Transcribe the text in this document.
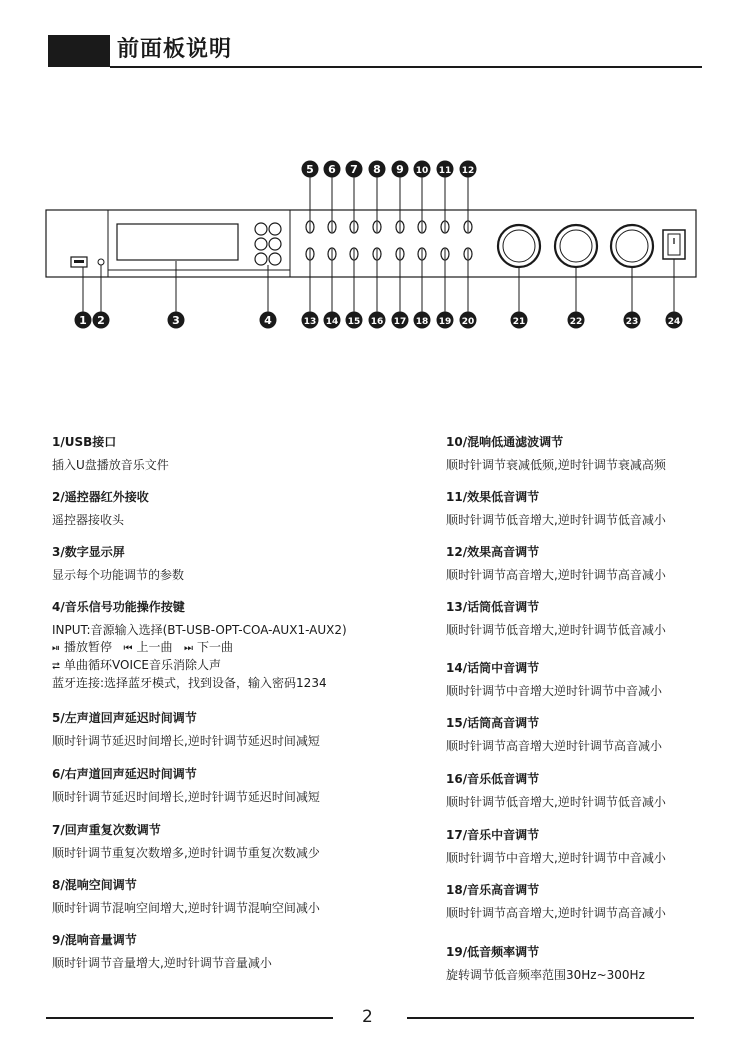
前面板说明
5 6 7 8 9 10 11 12
1 2	3	4	13 14 15 16 17 18 19 20	21	22	23	24
1/USB接口
插入U盘播放音乐文件
2/遥控器红外接收
遥控器接收头
3/数字显示屏
显示每个功能调节的参数
5/左声道回声延迟时间调节
顺时针调节延迟时间增长,逆时针调节延迟时间减短
6/右声道回声延迟时间调节
顺时针调节延迟时间增长,逆时针调节延迟时间减短
7/回声重复次数调节
顺时针调节重复次数增多,逆时针调节重复次数减少
8/混响空间调节
顺时针调节混响空间增大,逆时针调节混响空间减小
9/混响音量调节
顺时针调节音量增大,逆时针调节音量减小
10/混响低通滤波调节
顺时针调节衰减低频,逆时针调节衰减高频
11/效果低音调节
顺时针调节低音增大,逆时针调节低音减小
12/效果高音调节
顺时针调节高音增大,逆时针调节高音减小
13/话筒低音调节
顺时针调节低音增大,逆时针调节低音减小
14/话筒中音调节
顺时针调节中音增大逆时针调节中音减小
15/话筒高音调节
顺时针调节高音增大逆时针调节高音减小
16/音乐低音调节
顺时针调节低音增大,逆时针调节低音减小
17/音乐中音调节
顺时针调节中音增大,逆时针调节中音减小
18/音乐高音调节
顺时针调节高音增大,逆时针调节高音减小
19/低音频率调节
旋转调节低音频率范围30Hz~300Hz
4/音乐信号功能操作按键
INPUT:音源输入选择(BT-USB-OPT-COA-AUX1-AUX2)
⏯ 播放暂停 ⏮ 上一曲 ⏭ 下一曲
⮂ 单曲循环VOICE音乐消除人声
蓝牙连接:选择蓝牙模式，找到设备，输入密码1234
2
